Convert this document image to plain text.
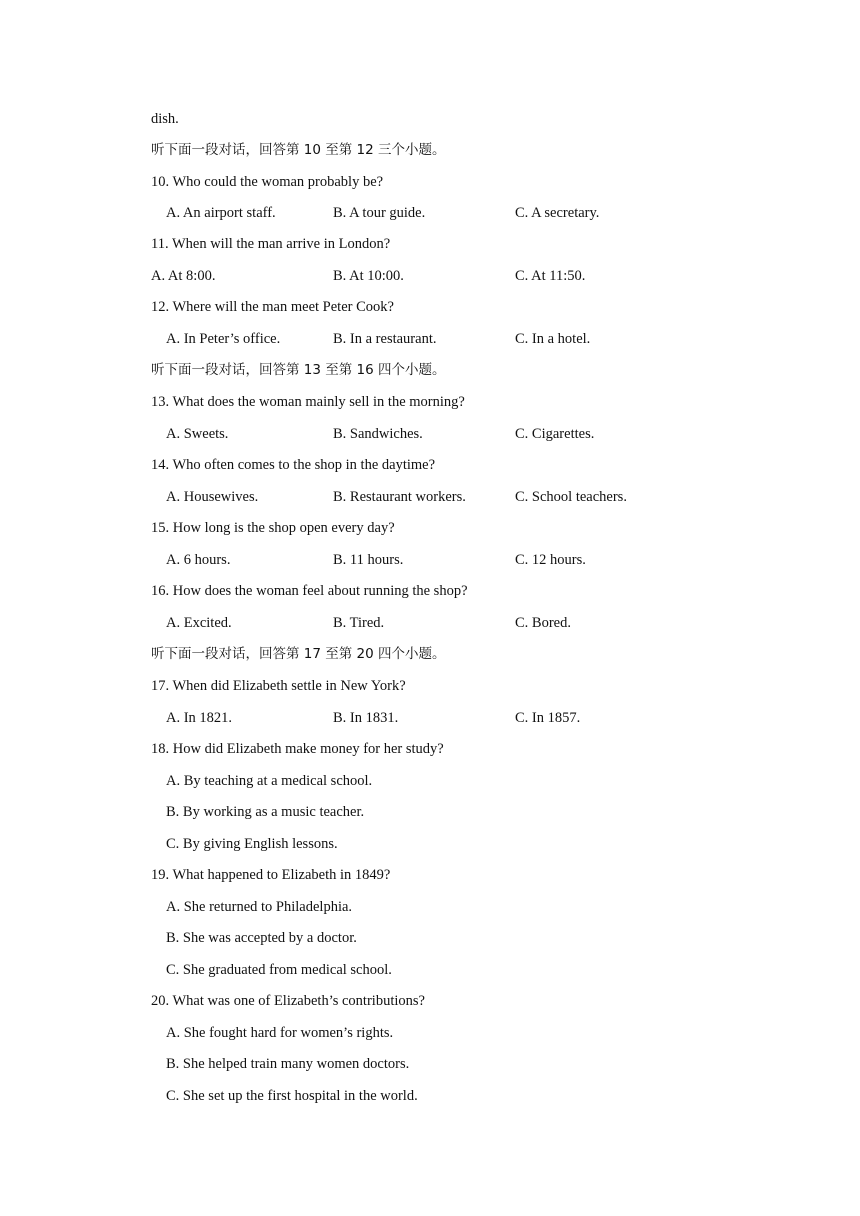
dish.
听下面一段对话，回答第 10 至第 12 三个小题。
10. Who could the woman probably be?
A. An airport staff.	B. A tour guide.	C. A secretary.
11. When will the man arrive in London?
A. At 8:00.	B. At 10:00.	C. At 11:50.
12. Where will the man meet Peter Cook?
A. In Peter’s office.	B. In a restaurant.	C. In a hotel.
听下面一段对话，回答第 13 至第 16 四个小题。
13. What does the woman mainly sell in the morning?
A. Sweets.	B. Sandwiches.	C. Cigarettes.
14. Who often comes to the shop in the daytime?
A. Housewives.	B. Restaurant workers.	C. School teachers.
15. How long is the shop open every day?
A. 6 hours.	B. 11 hours.	C. 12 hours.
16. How does the woman feel about running the shop?
A. Excited.	B. Tired.	C. Bored.
听下面一段对话，回答第 17 至第 20 四个小题。
17. When did Elizabeth settle in New York?
A. In 1821.	B. In 1831.	C. In 1857.
18. How did Elizabeth make money for her study?
A. By teaching at a medical school.
B. By working as a music teacher.
C. By giving English lessons.
19. What happened to Elizabeth in 1849?
A. She returned to Philadelphia.
B. She was accepted by a doctor.
C. She graduated from medical school.
20. What was one of Elizabeth’s contributions?
A. She fought hard for women’s rights.
B. She helped train many women doctors.
C. She set up the first hospital in the world.
